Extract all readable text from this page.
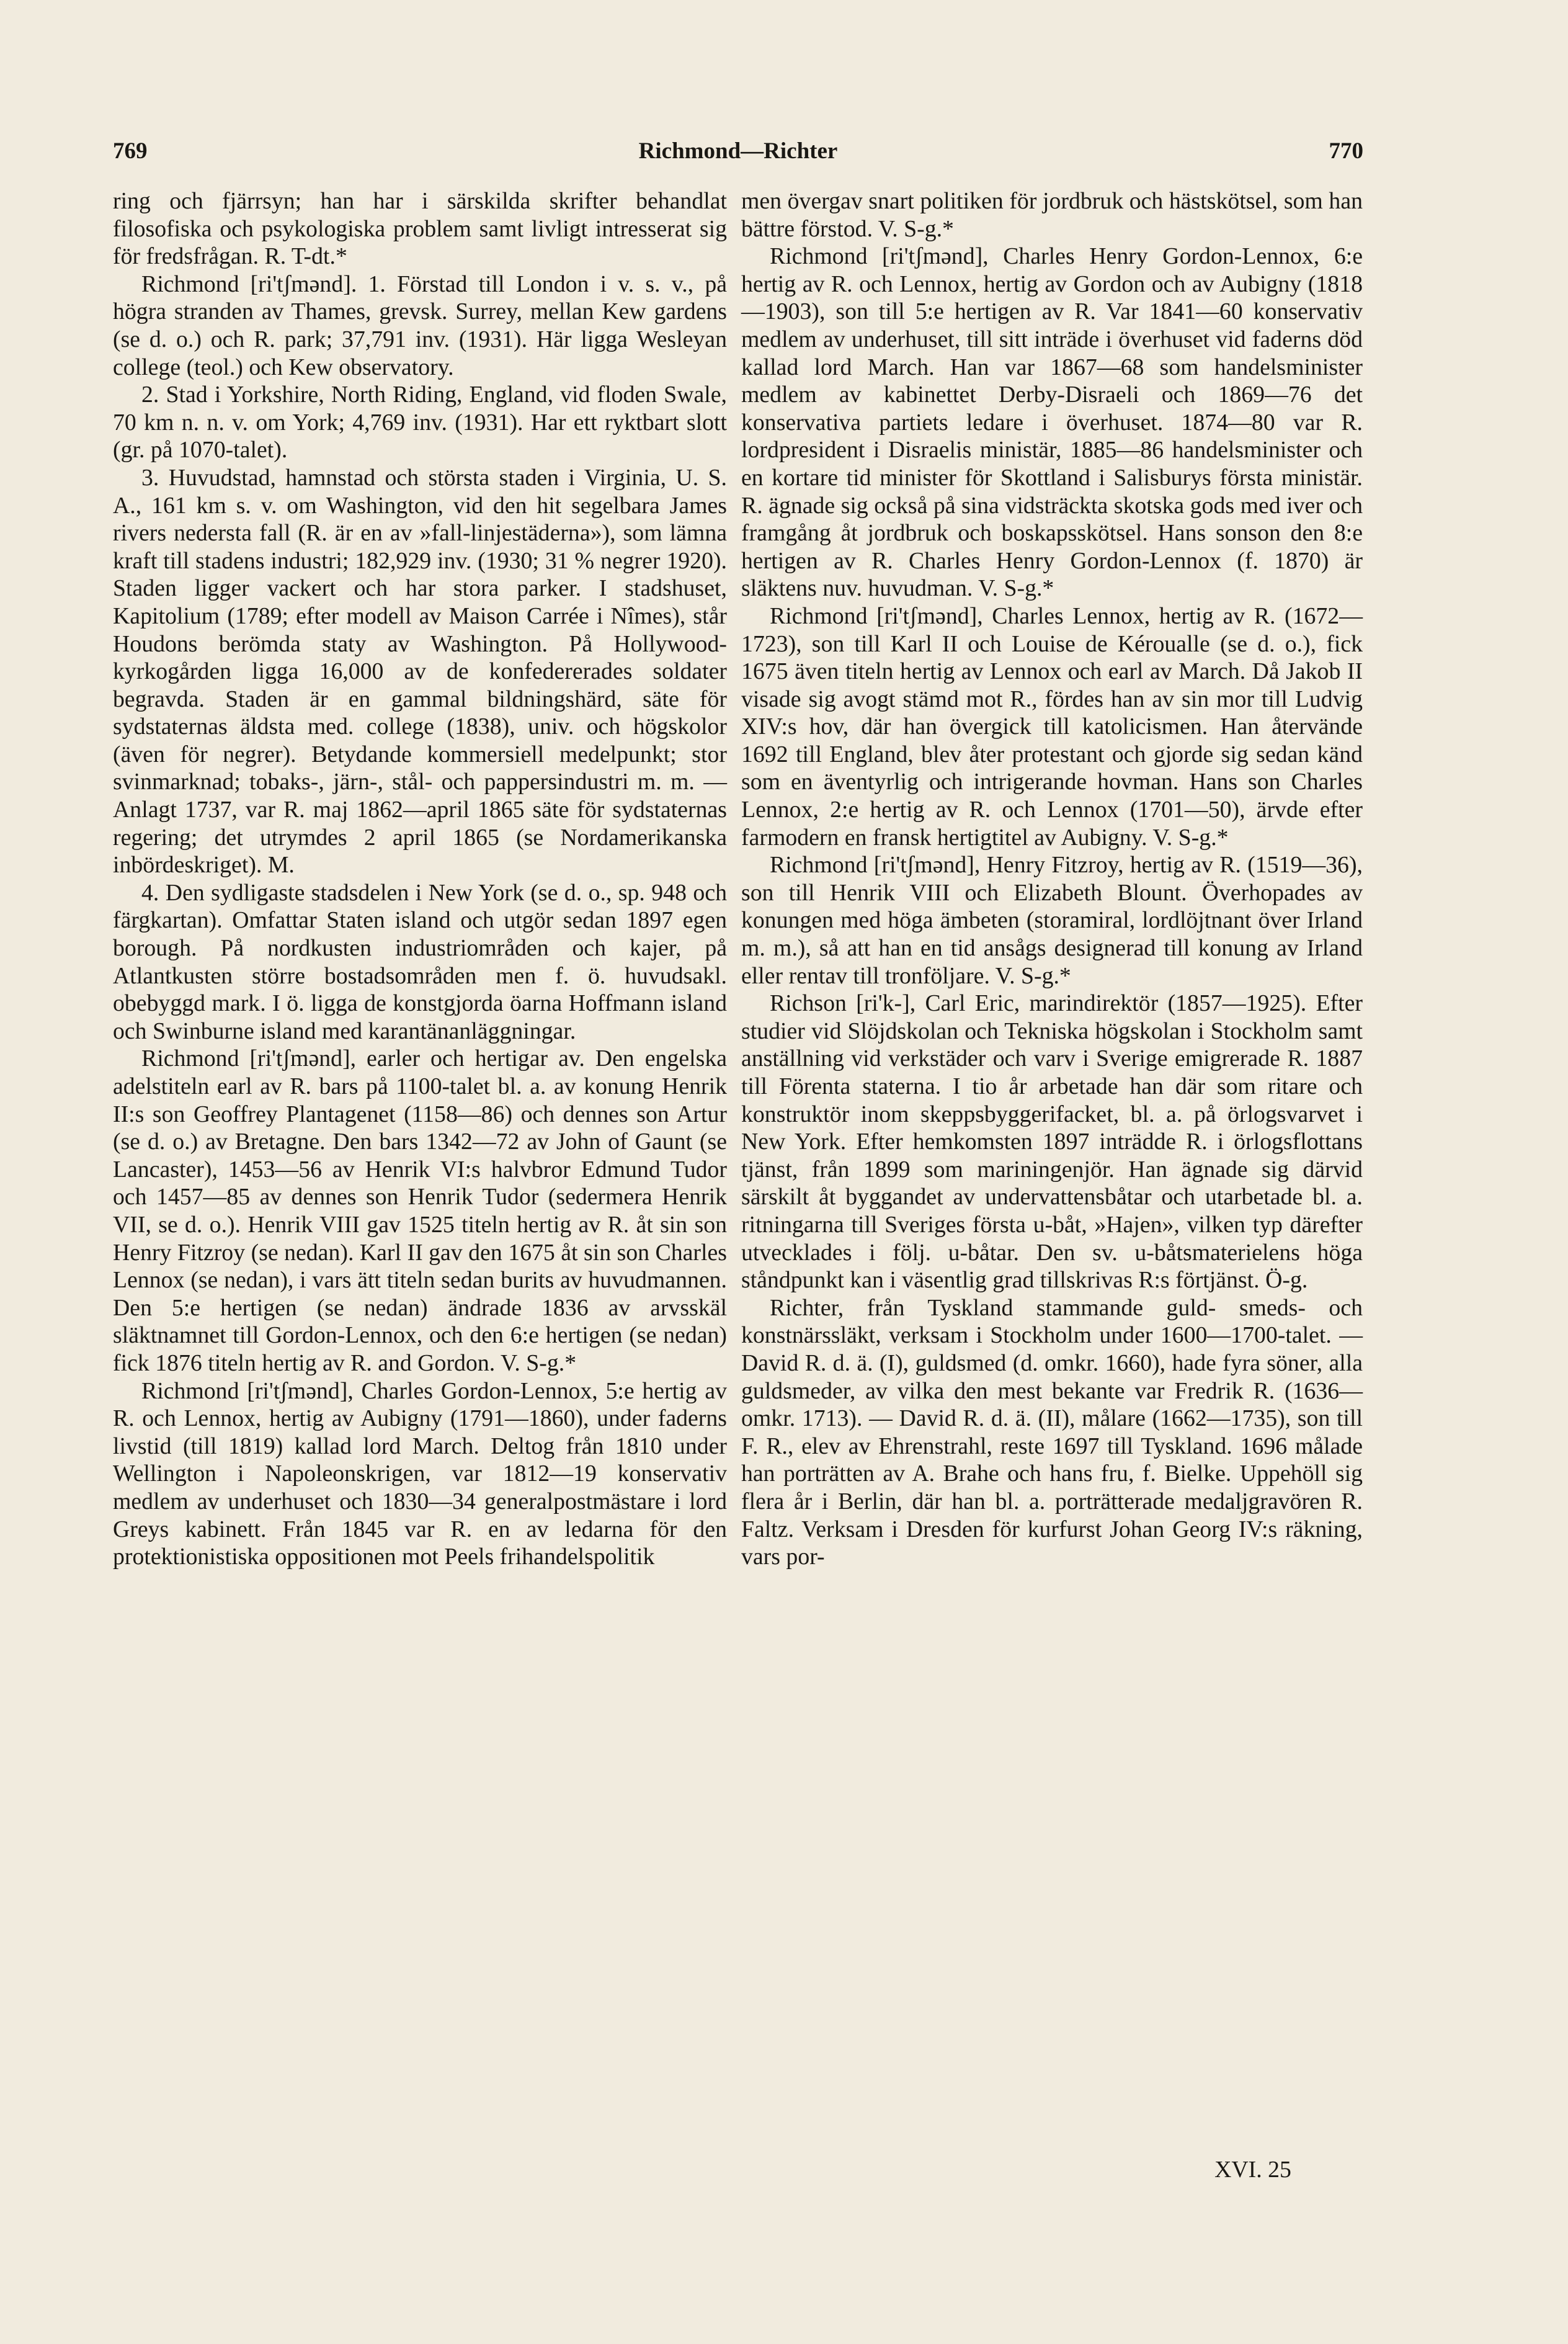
769	Richmond—Richter	770

ring och fjärrsyn; han har i särskilda skrifter behandlat filosofiska och psykologiska problem samt livligt intresserat sig för fredsfrågan. R. T-dt.*

Richmond [ri'tʃmənd]. 1. Förstad till London i v. s. v., på högra stranden av Thames, grevsk. Surrey, mellan Kew gardens (se d. o.) och R. park; 37,791 inv. (1931). Här ligga Wesleyan college (teol.) och Kew observatory.

2. Stad i Yorkshire, North Riding, England, vid floden Swale, 70 km n. n. v. om York; 4,769 inv. (1931). Har ett ryktbart slott (gr. på 1070-talet).

3. Huvudstad, hamnstad och största staden i Virginia, U. S. A., 161 km s. v. om Washington, vid den hit segelbara James rivers nedersta fall (R. är en av »fall-linjestäderna»), som lämna kraft till stadens industri; 182,929 inv. (1930; 31 % negrer 1920). Staden ligger vackert och har stora parker. I stadshuset, Kapitolium (1789; efter modell av Maison Carrée i Nîmes), står Houdons berömda staty av Washington. På Hollywood-kyrkogården ligga 16,000 av de konfedererades soldater begravda. Staden är en gammal bildningshärd, säte för sydstaternas äldsta med. college (1838), univ. och högskolor (även för negrer). Betydande kommersiell medelpunkt; stor svinmarknad; tobaks-, järn-, stål- och pappersindustri m. m. — Anlagt 1737, var R. maj 1862—april 1865 säte för sydstaternas regering; det utrymdes 2 april 1865 (se Nordamerikanska inbördeskriget). M.

4. Den sydligaste stadsdelen i New York (se d. o., sp. 948 och färgkartan). Omfattar Staten island och utgör sedan 1897 egen borough. På nordkusten industriområden och kajer, på Atlantkusten större bostadsområden men f. ö. huvudsakl. obebyggd mark. I ö. ligga de konstgjorda öarna Hoffmann island och Swinburne island med karantänanläggningar.

Richmond [ri'tʃmənd], earler och hertigar av. Den engelska adelstiteln earl av R. bars på 1100-talet bl. a. av konung Henrik II:s son Geoffrey Plantagenet (1158—86) och dennes son Artur (se d. o.) av Bretagne. Den bars 1342—72 av John of Gaunt (se Lancaster), 1453—56 av Henrik VI:s halvbror Edmund Tudor och 1457—85 av dennes son Henrik Tudor (sedermera Henrik VII, se d. o.). Henrik VIII gav 1525 titeln hertig av R. åt sin son Henry Fitzroy (se nedan). Karl II gav den 1675 åt sin son Charles Lennox (se nedan), i vars ätt titeln sedan burits av huvudmannen. Den 5:e hertigen (se nedan) ändrade 1836 av arvsskäl släktnamnet till Gordon-Lennox, och den 6:e hertigen (se nedan) fick 1876 titeln hertig av R. and Gordon. V. S-g.*

Richmond [ri'tʃmənd], Charles Gordon-Lennox, 5:e hertig av R. och Lennox, hertig av Aubigny (1791—1860), under faderns livstid (till 1819) kallad lord March. Deltog från 1810 under Wellington i Napoleonskrigen, var 1812—19 konservativ medlem av underhuset och 1830—34 generalpostmästare i lord Greys kabinett. Från 1845 var R. en av ledarna för den protektionistiska oppositionen mot Peels frihandelspolitik

men övergav snart politiken för jordbruk och hästskötsel, som han bättre förstod. V. S-g.*

Richmond [ri'tʃmənd], Charles Henry Gordon-Lennox, 6:e hertig av R. och Lennox, hertig av Gordon och av Aubigny (1818—1903), son till 5:e hertigen av R. Var 1841—60 konservativ medlem av underhuset, till sitt inträde i överhuset vid faderns död kallad lord March. Han var 1867—68 som handelsminister medlem av kabinettet Derby-Disraeli och 1869—76 det konservativa partiets ledare i överhuset. 1874—80 var R. lordpresident i Disraelis ministär, 1885—86 handelsminister och en kortare tid minister för Skottland i Salisburys första ministär. R. ägnade sig också på sina vidsträckta skotska gods med iver och framgång åt jordbruk och boskapsskötsel. Hans sonson den 8:e hertigen av R. Charles Henry Gordon-Lennox (f. 1870) är släktens nuv. huvudman. V. S-g.*

Richmond [ri'tʃmənd], Charles Lennox, hertig av R. (1672—1723), son till Karl II och Louise de Kéroualle (se d. o.), fick 1675 även titeln hertig av Lennox och earl av March. Då Jakob II visade sig avogt stämd mot R., fördes han av sin mor till Ludvig XIV:s hov, där han övergick till katolicismen. Han återvände 1692 till England, blev åter protestant och gjorde sig sedan känd som en äventyrlig och intrigerande hovman. Hans son Charles Lennox, 2:e hertig av R. och Lennox (1701—50), ärvde efter farmodern en fransk hertigtitel av Aubigny. V. S-g.*

Richmond [ri'tʃmənd], Henry Fitzroy, hertig av R. (1519—36), son till Henrik VIII och Elizabeth Blount. Överhopades av konungen med höga ämbeten (storamiral, lordlöjtnant över Irland m. m.), så att han en tid ansågs designerad till konung av Irland eller rentav till tronföljare. V. S-g.*

Richson [ri'k-], Carl Eric, marindirektör (1857—1925). Efter studier vid Slöjdskolan och Tekniska högskolan i Stockholm samt anställning vid verkstäder och varv i Sverige emigrerade R. 1887 till Förenta staterna. I tio år arbetade han där som ritare och konstruktör inom skeppsbyggerifacket, bl. a. på örlogsvarvet i New York. Efter hemkomsten 1897 inträdde R. i örlogsflottans tjänst, från 1899 som mariningenjör. Han ägnade sig därvid särskilt åt byggandet av undervattensbåtar och utarbetade bl. a. ritningarna till Sveriges första u-båt, »Hajen», vilken typ därefter utvecklades i följ. u-båtar. Den sv. u-båtsmaterielens höga ståndpunkt kan i väsentlig grad tillskrivas R:s förtjänst. Ö-g.

Richter, från Tyskland stammande guld- smeds- och konstnärssläkt, verksam i Stockholm under 1600—1700-talet. — David R. d. ä. (I), guldsmed (d. omkr. 1660), hade fyra söner, alla guldsmeder, av vilka den mest bekante var Fredrik R. (1636—omkr. 1713). — David R. d. ä. (II), målare (1662—1735), son till F. R., elev av Ehrenstrahl, reste 1697 till Tyskland. 1696 målade han porträtten av A. Brahe och hans fru, f. Bielke. Uppehöll sig flera år i Berlin, där han bl. a. porträtterade medaljgravören R. Faltz. Verksam i Dresden för kurfurst Johan Georg IV:s räkning, vars por-

XVI. 25
